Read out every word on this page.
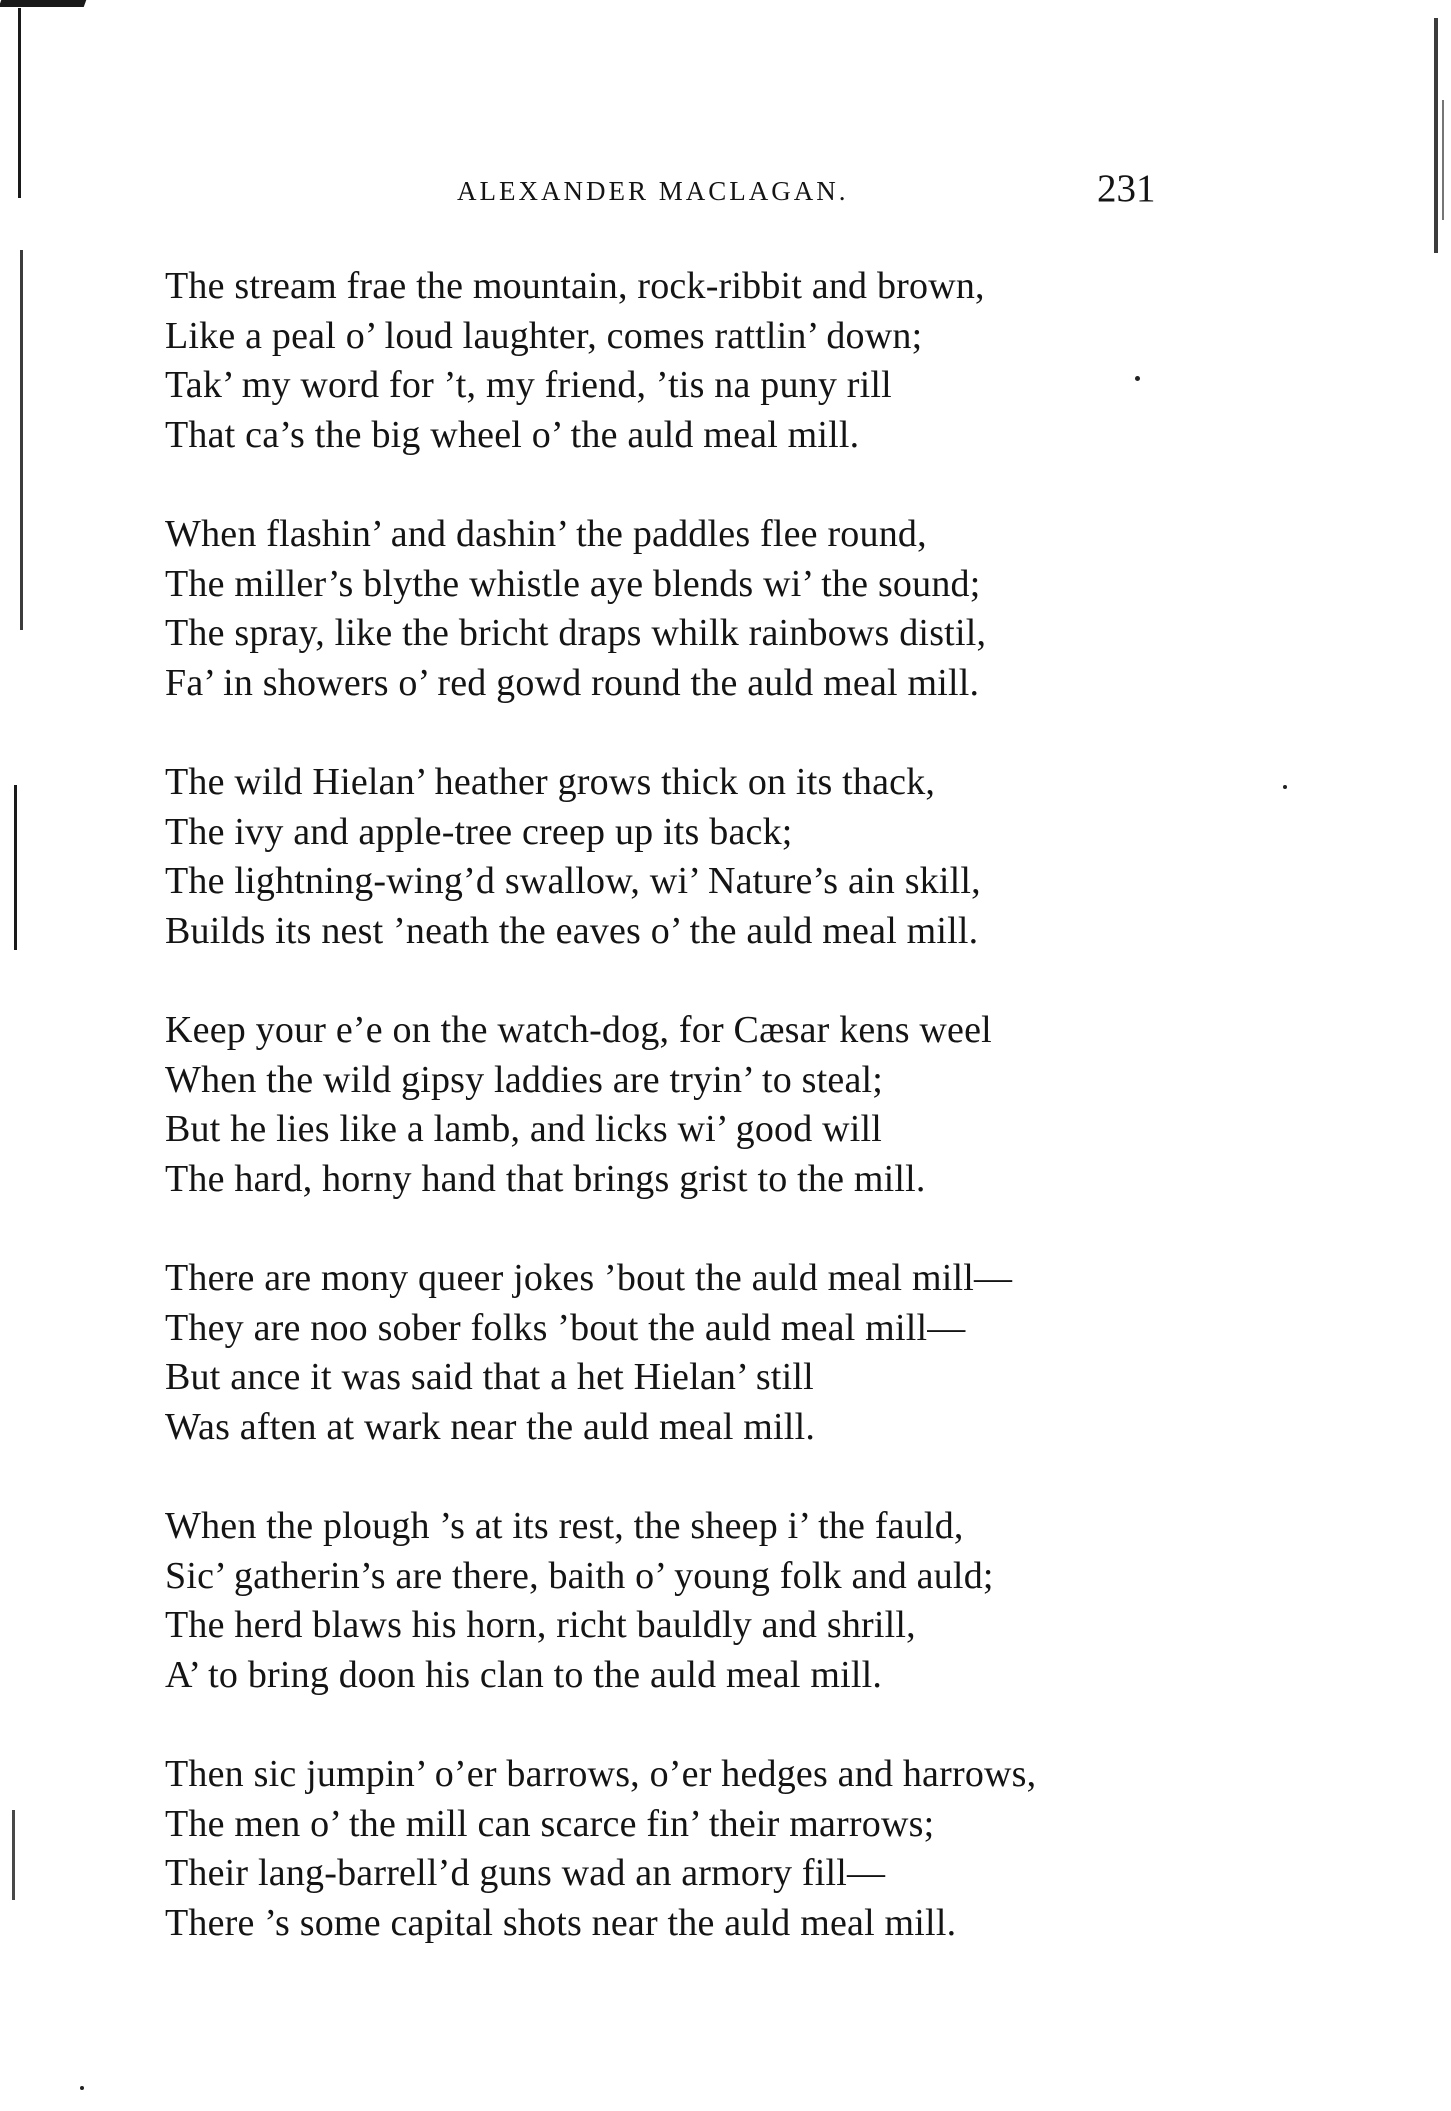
ALEXANDER MACLAGAN.	231
The stream frae the mountain, rock-ribbit and brown,
Like a peal o’ loud laughter, comes rattlin’ down;
Tak’ my word for ’t, my friend, ’tis na puny rill
That ca’s the big wheel o’ the auld meal mill.
When flashin’ and dashin’ the paddles flee round,
The miller’s blythe whistle aye blends wi’ the sound;
The spray, like the bricht draps whilk rainbows distil,
Fa’ in showers o’ red gowd round the auld meal mill.
The wild Hielan’ heather grows thick on its thack,
The ivy and apple-tree creep up its back;
The lightning-wing’d swallow, wi’ Nature’s ain skill,
Builds its nest ’neath the eaves o’ the auld meal mill.
Keep your e’e on the watch-dog, for Cæsar kens weel
When the wild gipsy laddies are tryin’ to steal;
But he lies like a lamb, and licks wi’ good will
The hard, horny hand that brings grist to the mill.
There are mony queer jokes ’bout the auld meal mill—
They are noo sober folks ’bout the auld meal mill—
But ance it was said that a het Hielan’ still
Was aften at wark near the auld meal mill.
When the plough ’s at its rest, the sheep i’ the fauld,
Sic’ gatherin’s are there, baith o’ young folk and auld;
The herd blaws his horn, richt bauldly and shrill,
A’ to bring doon his clan to the auld meal mill.
Then sic jumpin’ o’er barrows, o’er hedges and harrows,
The men o’ the mill can scarce fin’ their marrows;
Their lang-barrell’d guns wad an armory fill—
There ’s some capital shots near the auld meal mill.
